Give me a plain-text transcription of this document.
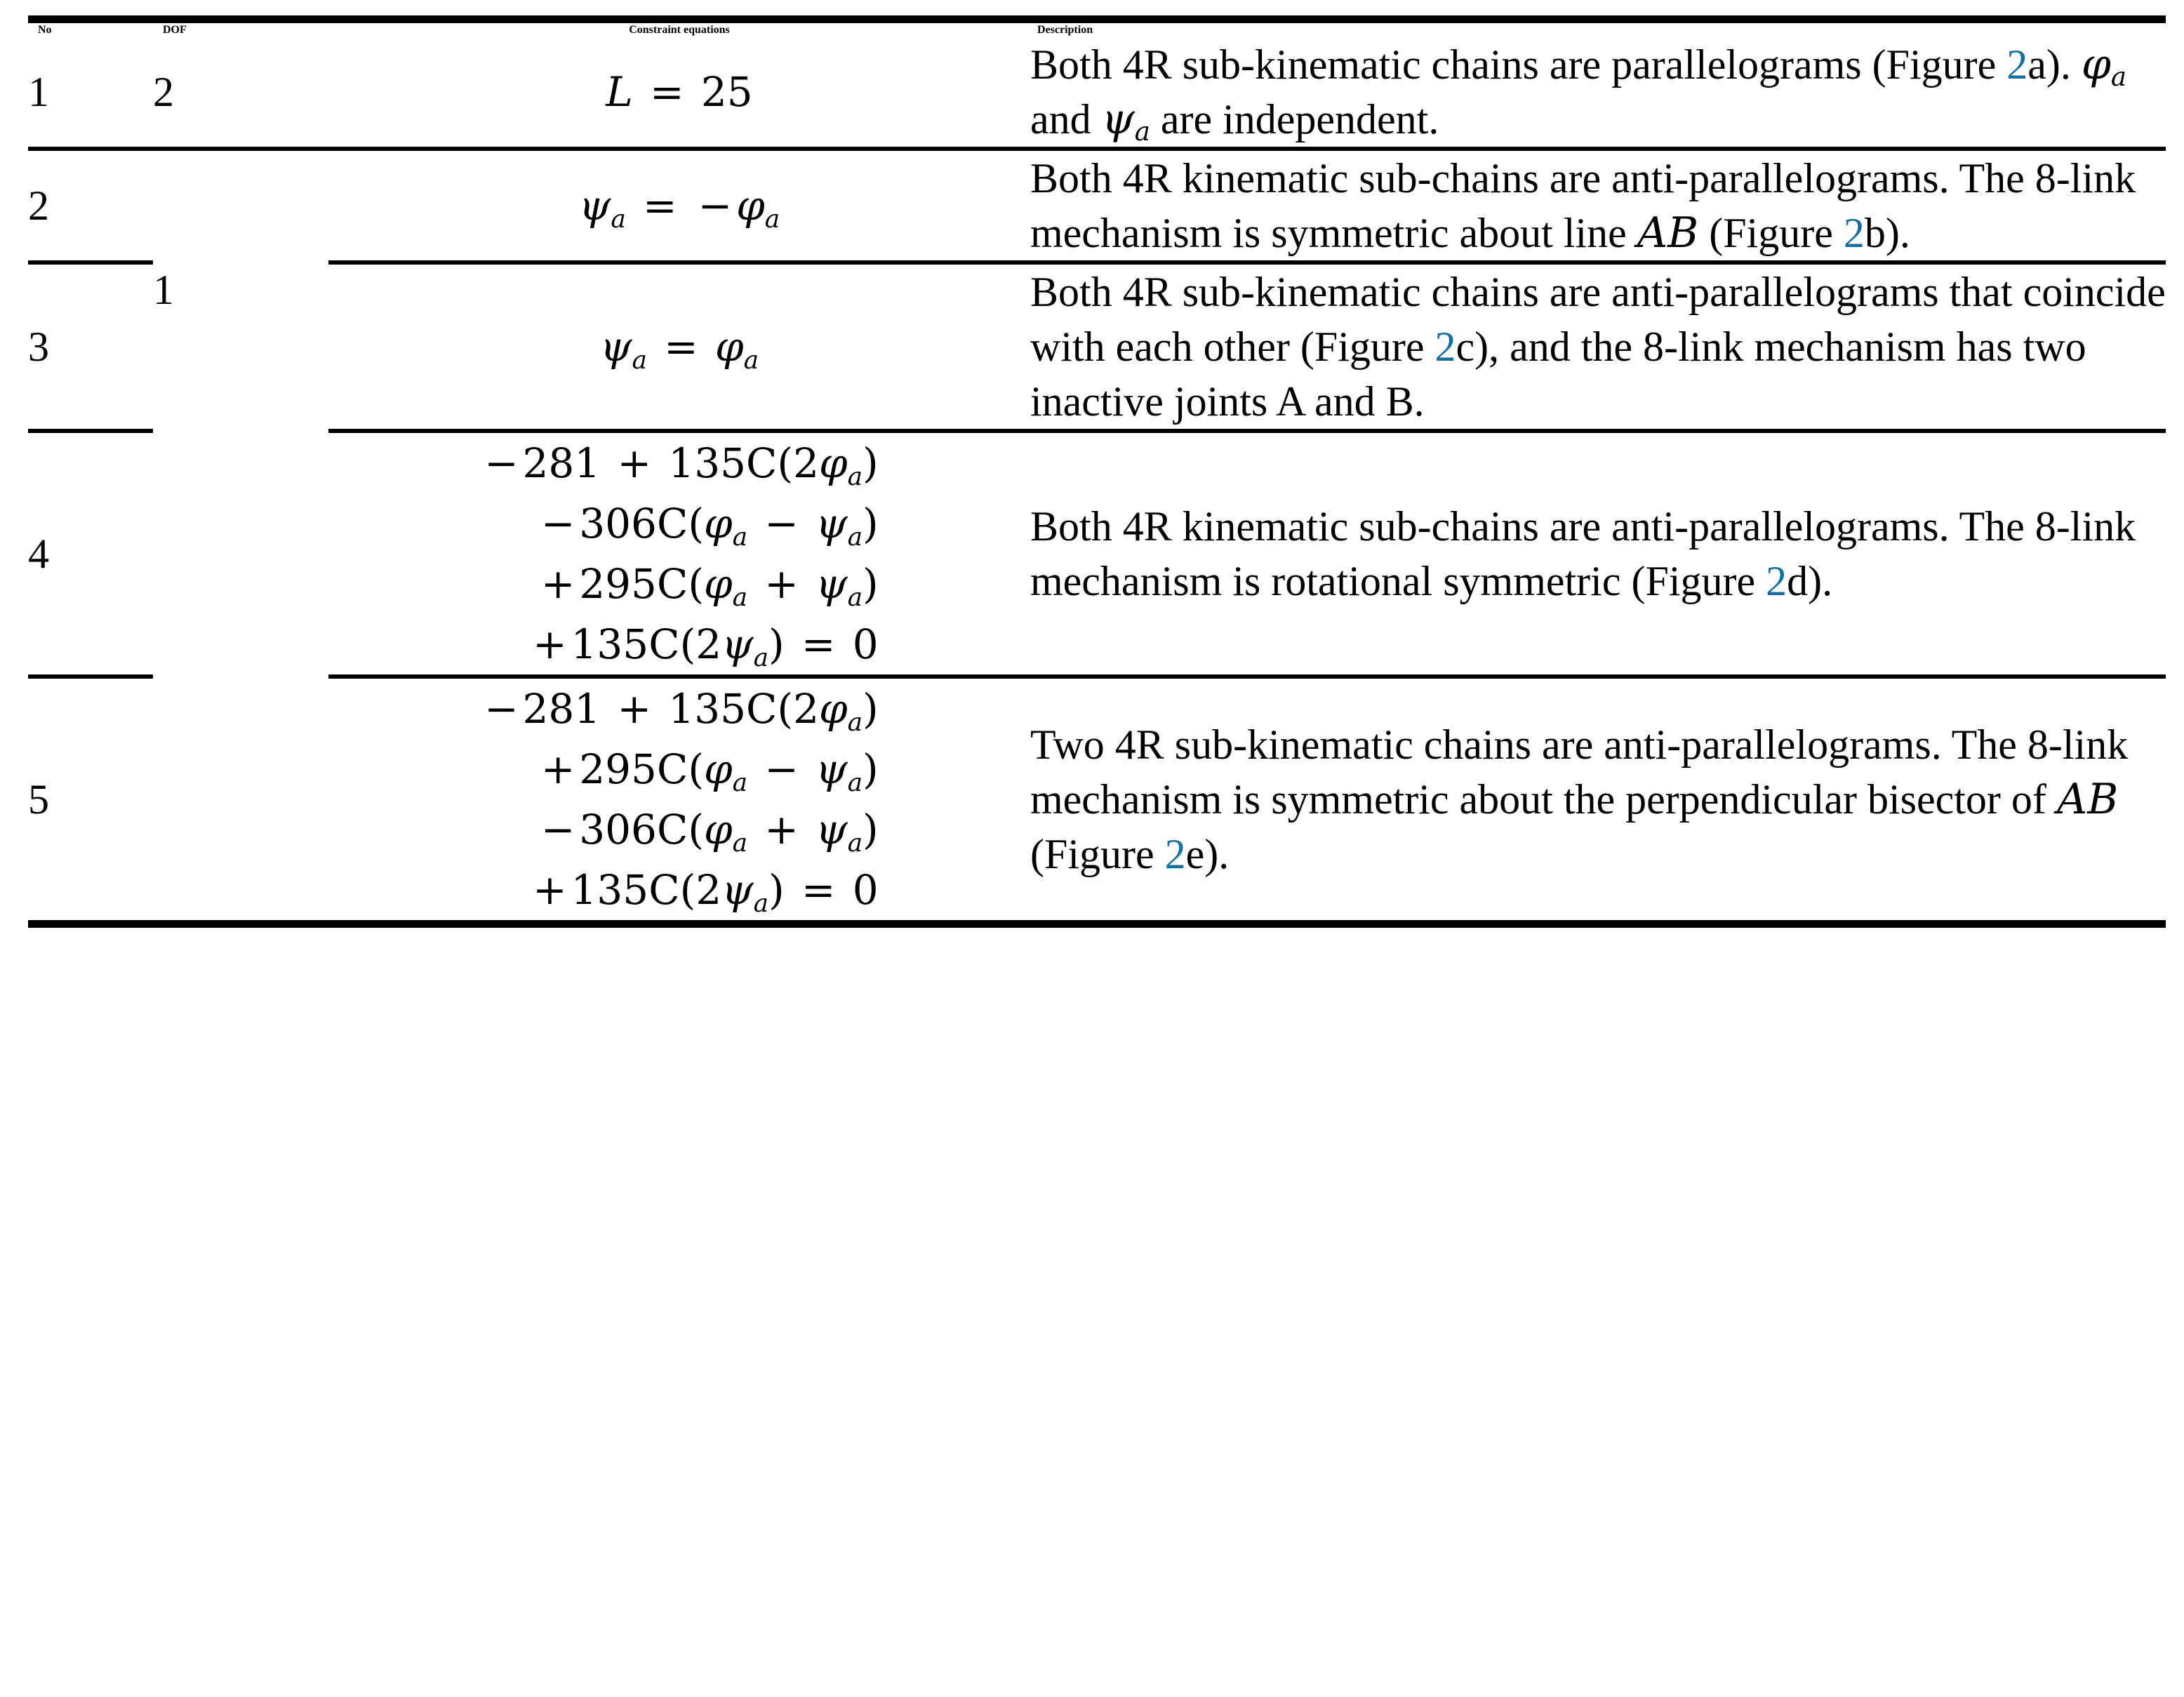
No	DOF	Constraint equations	Description
1	2	L = 25	Both 4R sub-kinematic chains are parallelograms (Figure 2a). $\varphi_a$ and $\psi_a$ are independent.
2	1	$\psi_a = -\varphi_a$	Both 4R kinematic sub-chains are anti-parallelograms. The 8-link mechanism is symmetric about line AB (Figure 2b).
3		$\psi_a = \varphi_a$	Both 4R sub-kinematic chains are anti-parallelograms that coincide with each other (Figure 2c), and the 8-link mechanism has two inactive joints A and B.
4		$-281 + 135C(2\varphi_a)$
$-306C(\varphi_a - \psi_a)$
$+295C(\varphi_a + \psi_a)$
$+135C(2\psi_a) = 0$	Both 4R kinematic sub-chains are anti-parallelograms. The 8-link mechanism is rotational symmetric (Figure 2d).
5		$-281 + 135C(2\varphi_a)$
$+295C(\varphi_a - \psi_a)$
$-306C(\varphi_a + \psi_a)$
$+135C(2\psi_a) = 0$	Two 4R sub-kinematic chains are anti-parallelograms. The 8-link mechanism is symmetric about the perpendicular bisector of AB (Figure 2e).
